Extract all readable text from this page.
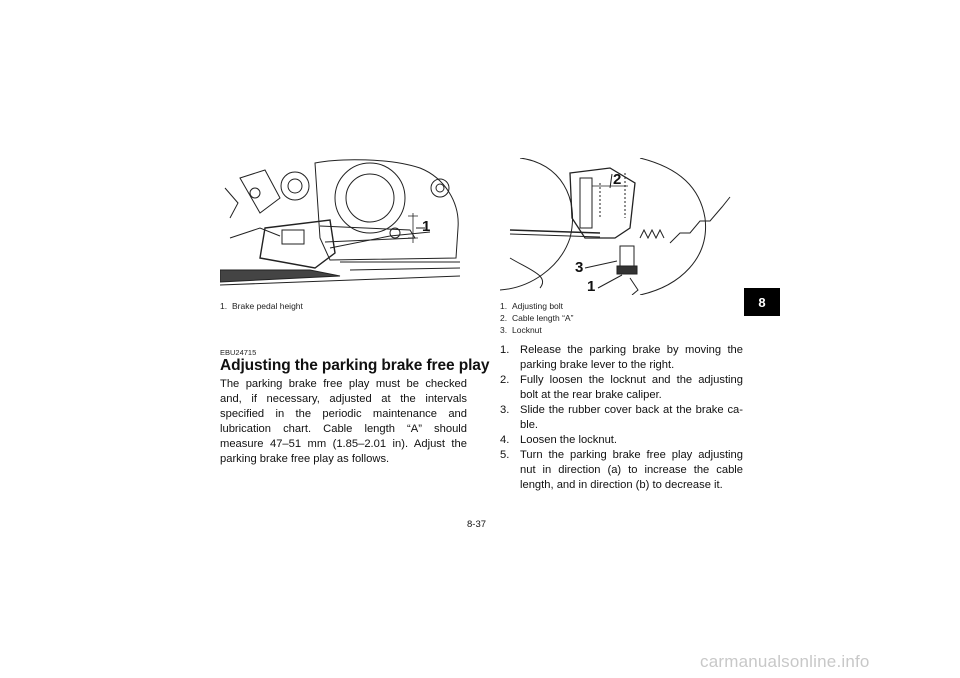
1
1. Brake pedal height
2
3
1
1. Adjusting bolt
2. Cable length “A”
3. Locknut
EBU24715
Adjusting the parking brake free play
The parking brake free play must be checked and, if necessary, adjusted at the intervals specified in the periodic maintenance and lubrication chart. Cable length “A” should measure 47–51 mm (1.85–2.01 in). Adjust the parking brake free play as follows.
1. Release the parking brake by moving the parking brake lever to the right.
2. Fully loosen the locknut and the adjusting bolt at the rear brake caliper.
3. Slide the rubber cover back at the brake ca-ble.
4. Loosen the locknut.
5. Turn the parking brake free play adjusting nut in direction (a) to increase the cable length, and in direction (b) to decrease it.
8
8-37
carmanualsonline.info
